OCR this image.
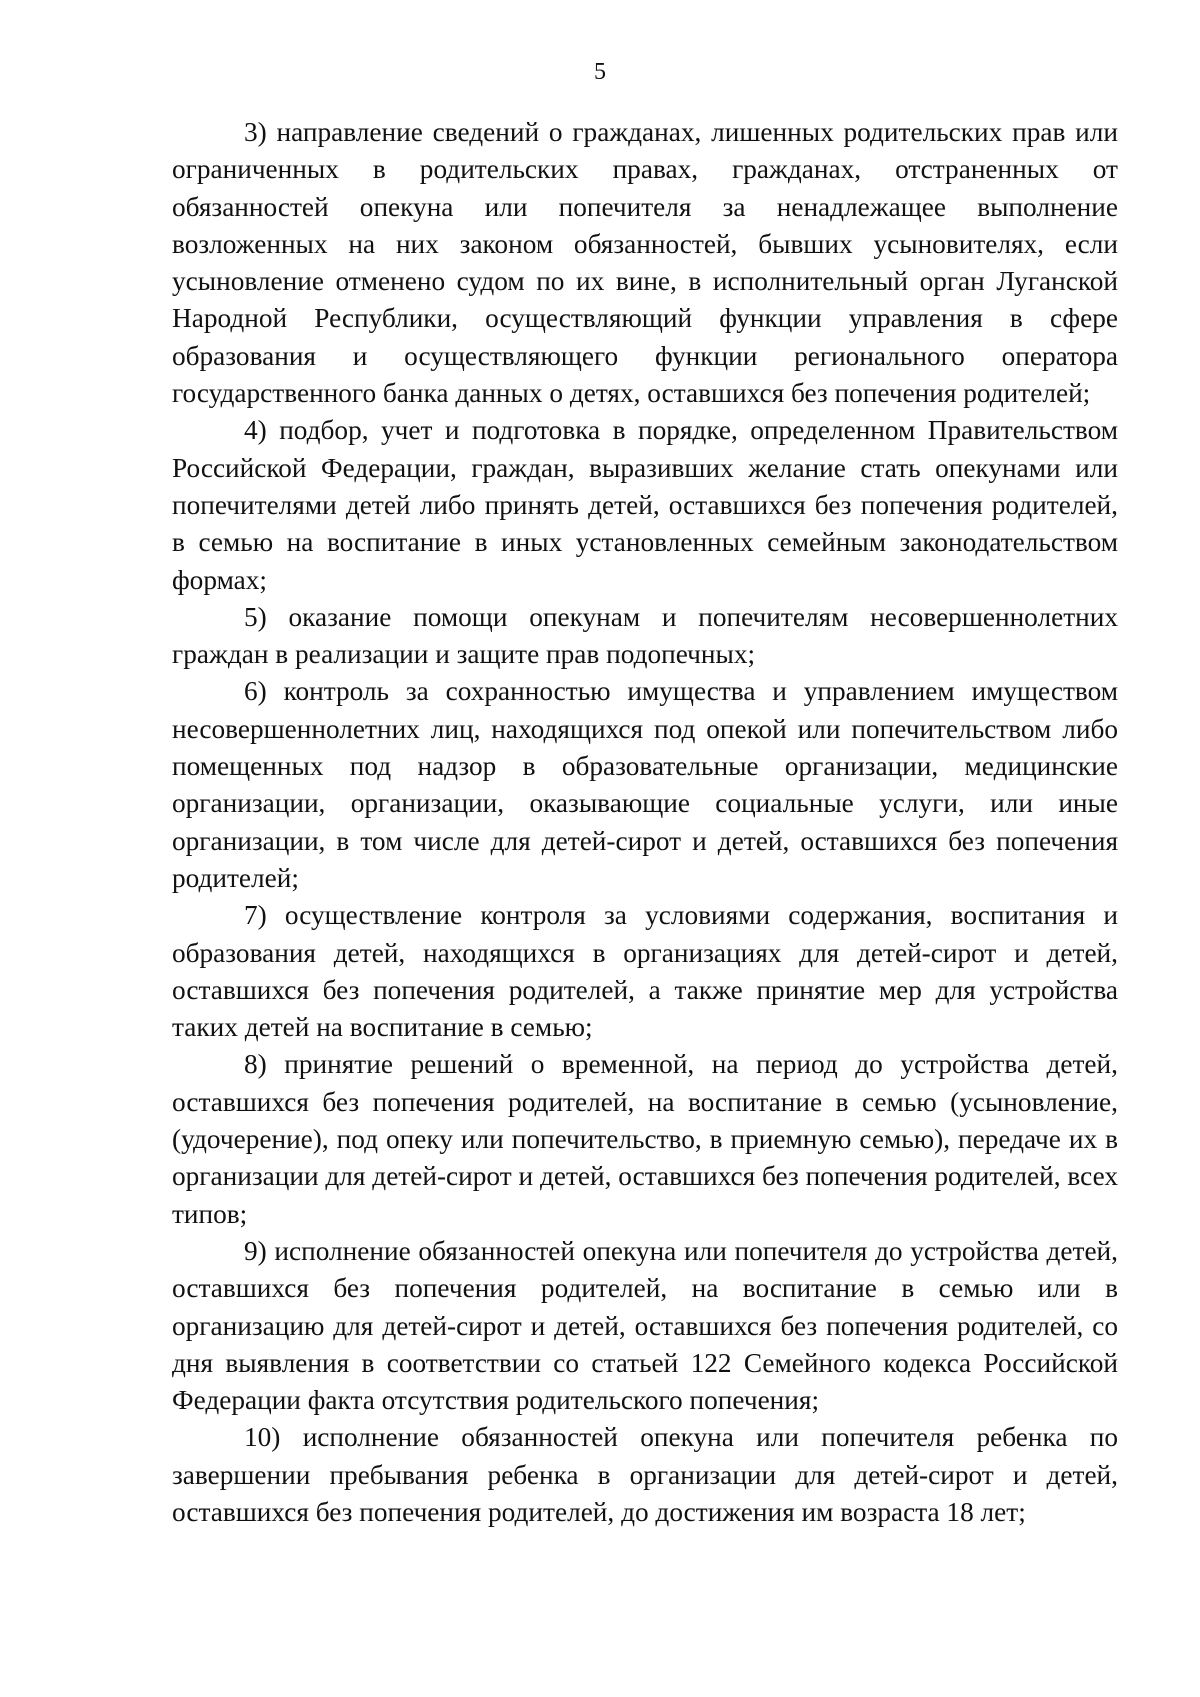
5

3) направление сведений о гражданах, лишенных родительских прав или ограниченных в родительских правах, гражданах, отстраненных от обязанностей опекуна или попечителя за ненадлежащее выполнение возложенных на них законом обязанностей, бывших усыновителях, если усыновление отменено судом по их вине, в исполнительный орган Луганской Народной Республики, осуществляющий функции управления в сфере образования и осуществляющего функции регионального оператора государственного банка данных о детях, оставшихся без попечения родителей;

4) подбор, учет и подготовка в порядке, определенном Правительством Российской Федерации, граждан, выразивших желание стать опекунами или попечителями детей либо принять детей, оставшихся без попечения родителей, в семью на воспитание в иных установленных семейным законодательством формах;

5) оказание помощи опекунам и попечителям несовершеннолетних граждан в реализации и защите прав подопечных;

6) контроль за сохранностью имущества и управлением имуществом несовершеннолетних лиц, находящихся под опекой или попечительством либо помещенных под надзор в образовательные организации, медицинские организации, организации, оказывающие социальные услуги, или иные организации, в том числе для детей-сирот и детей, оставшихся без попечения родителей;

7) осуществление контроля за условиями содержания, воспитания и образования детей, находящихся в организациях для детей-сирот и детей, оставшихся без попечения родителей, а также принятие мер для устройства таких детей на воспитание в семью;

8) принятие решений о временной, на период до устройства детей, оставшихся без попечения родителей, на воспитание в семью (усыновление, (удочерение), под опеку или попечительство, в приемную семью), передаче их в организации для детей-сирот и детей, оставшихся без попечения родителей, всех типов;

9) исполнение обязанностей опекуна или попечителя до устройства детей, оставшихся без попечения родителей, на воспитание в семью или в организацию для детей-сирот и детей, оставшихся без попечения родителей, со дня выявления в соответствии со статьей 122 Семейного кодекса Российской Федерации факта отсутствия родительского попечения;

10) исполнение обязанностей опекуна или попечителя ребенка по завершении пребывания ребенка в организации для детей-сирот и детей, оставшихся без попечения родителей, до достижения им возраста 18 лет;
